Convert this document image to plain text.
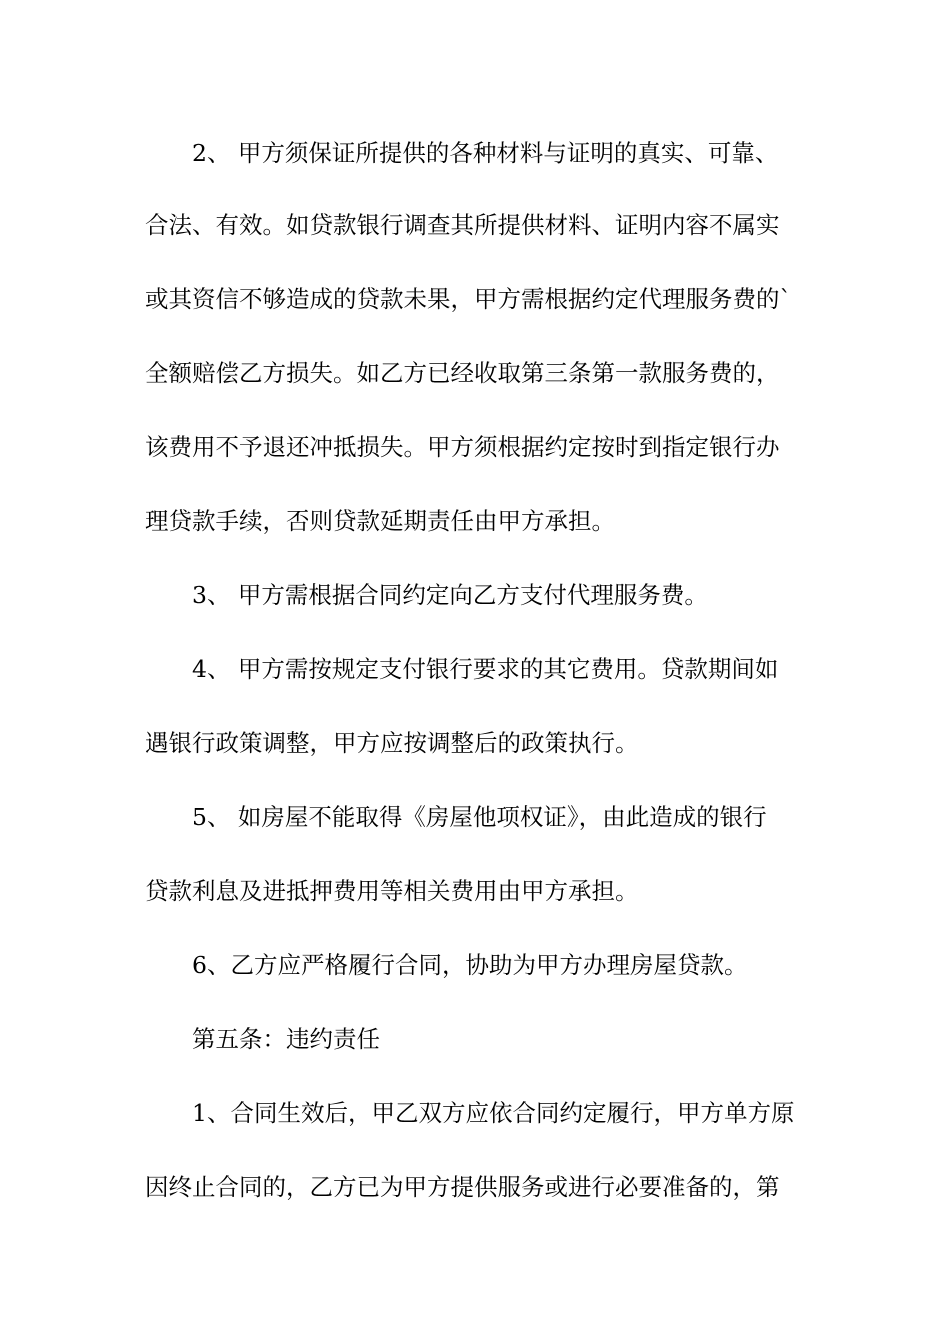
2、 甲方须保证所提供的各种材料与证明的真实、可靠、
合法、有效。如贷款银行调查其所提供材料、证明内容不属实
或其资信不够造成的贷款未果，甲方需根据约定代理服务费的`
全额赔偿乙方损失。如乙方已经收取第三条第一款服务费的，
该费用不予退还冲抵损失。甲方须根据约定按时到指定银行办
理贷款手续，否则贷款延期责任由甲方承担。
3、 甲方需根据合同约定向乙方支付代理服务费。
4、 甲方需按规定支付银行要求的其它费用。贷款期间如
遇银行政策调整，甲方应按调整后的政策执行。
5、 如房屋不能取得《房屋他项权证》，由此造成的银行
贷款利息及进抵押费用等相关费用由甲方承担。
6、乙方应严格履行合同，协助为甲方办理房屋贷款。
第五条：违约责任
1、合同生效后，甲乙双方应依合同约定履行，甲方单方原
因终止合同的，乙方已为甲方提供服务或进行必要准备的，第
